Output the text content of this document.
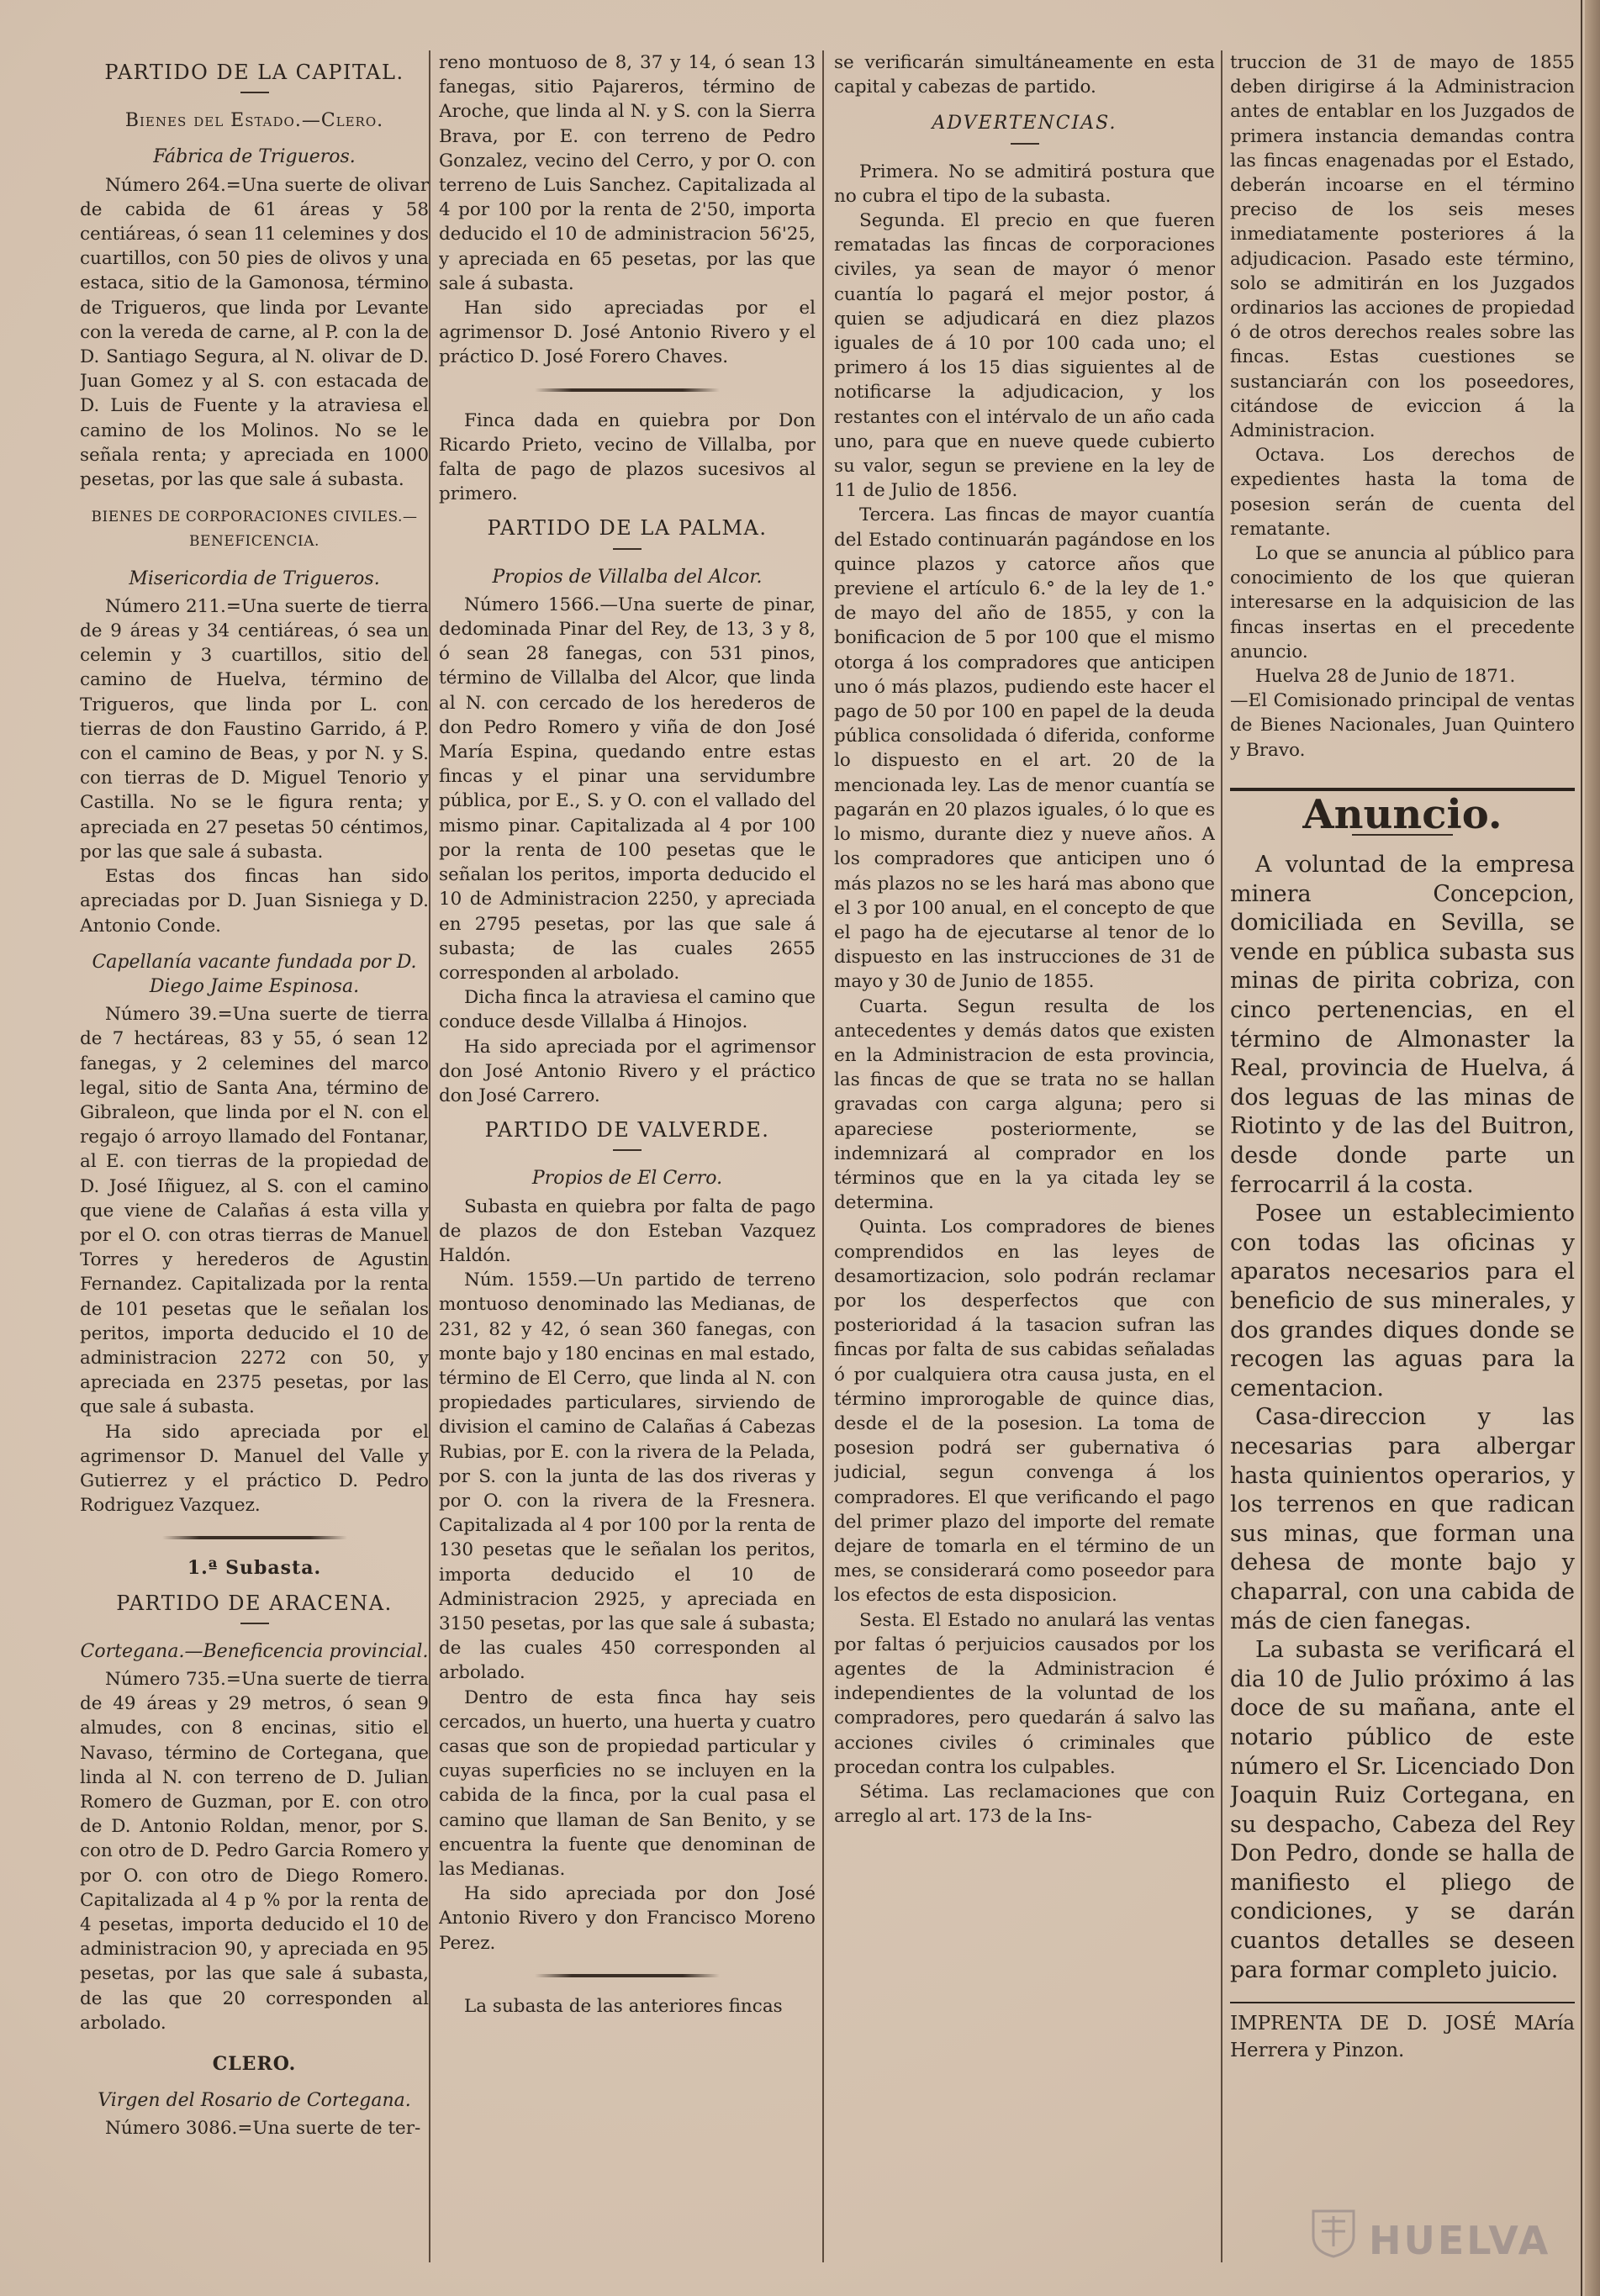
PARTIDO DE LA CAPITAL.

Bienes del Estado.—Clero.

Fábrica de Trigueros.

Número 264.=Una suerte de olivar de cabida de 61 áreas y 58 centiáreas, ó sean 11 celemines y dos cuartillos, con 50 pies de olivos y una estaca, sitio de la Gamonosa, término de Trigueros, que linda por Levante con la vereda de carne, al P. con la de D. Santiago Segura, al N. olivar de D. Juan Gomez y al S. con estacada de D. Luis de Fuente y la atraviesa el camino de los Molinos. No se le señala renta; y apreciada en 1000 pesetas, por las que sale á subasta.

BIENES DE CORPORACIONES CIVILES.—BENEFICENCIA.

Misericordia de Trigueros.

Número 211.=Una suerte de tierra de 9 áreas y 34 centiáreas, ó sea un celemin y 3 cuartillos, sitio del camino de Huelva, término de Trigueros, que linda por L. con tierras de don Faustino Garrido, á P. con el camino de Beas, y por N. y S. con tierras de D. Miguel Tenorio y Castilla. No se le figura renta; y apreciada en 27 pesetas 50 céntimos, por las que sale á subasta.

Estas dos fincas han sido apreciadas por D. Juan Sisniega y D. Antonio Conde.

Capellanía vacante fundada por D. Diego Jaime Espinosa.

Número 39.=Una suerte de tierra de 7 hectáreas, 83 y 55, ó sean 12 fanegas, y 2 celemines del marco legal, sitio de Santa Ana, término de Gibraleon, que linda por el N. con el regajo ó arroyo llamado del Fontanar, al E. con tierras de la propiedad de D. José Iñiguez, al S. con el camino que viene de Calañas á esta villa y por el O. con otras tierras de Manuel Torres y herederos de Agustin Fernandez. Capitalizada por la renta de 101 pesetas que le señalan los peritos, importa deducido el 10 de administracion 2272 con 50, y apreciada en 2375 pesetas, por las que sale á subasta.

Ha sido apreciada por el agrimensor D. Manuel del Valle y Gutierrez y el práctico D. Pedro Rodriguez Vazquez.

1.ª Subasta.

PARTIDO DE ARACENA.

Cortegana.—Beneficencia provincial.

Número 735.=Una suerte de tierra de 49 áreas y 29 metros, ó sean 9 almudes, con 8 encinas, sitio el Navaso, término de Cortegana, que linda al N. con terreno de D. Julian Romero de Guzman, por E. con otro de D. Antonio Roldan, menor, por S. con otro de D. Pedro Garcia Romero y por O. con otro de Diego Romero. Capitalizada al 4 p % por la renta de 4 pesetas, importa deducido el 10 de administracion 90, y apreciada en 95 pesetas, por las que sale á subasta, de las que 20 corresponden al arbolado.

CLERO.

Virgen del Rosario de Cortegana.

Número 3086.=Una suerte de ter-

reno montuoso de 8, 37 y 14, ó sean 13 fanegas, sitio Pajareros, término de Aroche, que linda al N. y S. con la Sierra Brava, por E. con terreno de Pedro Gonzalez, vecino del Cerro, y por O. con terreno de Luis Sanchez. Capitalizada al 4 por 100 por la renta de 2'50, importa deducido el 10 de administracion 56'25, y apreciada en 65 pesetas, por las que sale á subasta.

Han sido apreciadas por el agrimensor D. José Antonio Rivero y el práctico D. José Forero Chaves.

Finca dada en quiebra por Don Ricardo Prieto, vecino de Villalba, por falta de pago de plazos sucesivos al primero.

PARTIDO DE LA PALMA.

Propios de Villalba del Alcor.

Número 1566.—Una suerte de pinar, dedominada Pinar del Rey, de 13, 3 y 8, ó sean 28 fanegas, con 531 pinos, término de Villalba del Alcor, que linda al N. con cercado de los herederos de don Pedro Romero y viña de don José María Espina, quedando entre estas fincas y el pinar una servidumbre pública, por E., S. y O. con el vallado del mismo pinar. Capitalizada al 4 por 100 por la renta de 100 pesetas que le señalan los peritos, importa deducido el 10 de Administracion 2250, y apreciada en 2795 pesetas, por las que sale á subasta; de las cuales 2655 corresponden al arbolado.

Dicha finca la atraviesa el camino que conduce desde Villalba á Hinojos.

Ha sido apreciada por el agrimensor don José Antonio Rivero y el práctico don José Carrero.

PARTIDO DE VALVERDE.

Propios de El Cerro.

Subasta en quiebra por falta de pago de plazos de don Esteban Vazquez Haldón.

Núm. 1559.—Un partido de terreno montuoso denominado las Medianas, de 231, 82 y 42, ó sean 360 fanegas, con monte bajo y 180 encinas en mal estado, término de El Cerro, que linda al N. con propiedades particulares, sirviendo de division el camino de Calañas á Cabezas Rubias, por E. con la rivera de la Pelada, por S. con la junta de las dos riveras y por O. con la rivera de la Fresnera. Capitalizada al 4 por 100 por la renta de 130 pesetas que le señalan los peritos, importa deducido el 10 de Administracion 2925, y apreciada en 3150 pesetas, por las que sale á subasta; de las cuales 450 corresponden al arbolado.

Dentro de esta finca hay seis cercados, un huerto, una huerta y cuatro casas que son de propiedad particular y cuyas superficies no se incluyen en la cabida de la finca, por la cual pasa el camino que llaman de San Benito, y se encuentra la fuente que denominan de las Medianas.

Ha sido apreciada por don José Antonio Rivero y don Francisco Moreno Perez.

La subasta de las anteriores fincas

se verificarán simultáneamente en esta capital y cabezas de partido.

ADVERTENCIAS.

Primera. No se admitirá postura que no cubra el tipo de la subasta.

Segunda. El precio en que fueren rematadas las fincas de corporaciones civiles, ya sean de mayor ó menor cuantía lo pagará el mejor postor, á quien se adjudicará en diez plazos iguales de á 10 por 100 cada uno; el primero á los 15 dias siguientes al de notificarse la adjudicacion, y los restantes con el intérvalo de un año cada uno, para que en nueve quede cubierto su valor, segun se previene en la ley de 11 de Julio de 1856.

Tercera. Las fincas de mayor cuantía del Estado continuarán pagándose en los quince plazos y catorce años que previene el artículo 6.° de la ley de 1.° de mayo del año de 1855, y con la bonificacion de 5 por 100 que el mismo otorga á los compradores que anticipen uno ó más plazos, pudiendo este hacer el pago de 50 por 100 en papel de la deuda pública consolidada ó diferida, conforme lo dispuesto en el art. 20 de la mencionada ley. Las de menor cuantía se pagarán en 20 plazos iguales, ó lo que es lo mismo, durante diez y nueve años. A los compradores que anticipen uno ó más plazos no se les hará mas abono que el 3 por 100 anual, en el concepto de que el pago ha de ejecutarse al tenor de lo dispuesto en las instrucciones de 31 de mayo y 30 de Junio de 1855.

Cuarta. Segun resulta de los antecedentes y demás datos que existen en la Administracion de esta provincia, las fincas de que se trata no se hallan gravadas con carga alguna; pero si apareciese posteriormente, se indemnizará al comprador en los términos que en la ya citada ley se determina.

Quinta. Los compradores de bienes comprendidos en las leyes de desamortizacion, solo podrán reclamar por los desperfectos que con posterioridad á la tasacion sufran las fincas por falta de sus cabidas señaladas ó por cualquiera otra causa justa, en el término improrogable de quince dias, desde el de la posesion. La toma de posesion podrá ser gubernativa ó judicial, segun convenga á los compradores. El que verificando el pago del primer plazo del importe del remate dejare de tomarla en el término de un mes, se considerará como poseedor para los efectos de esta disposicion.

Sesta. El Estado no anulará las ventas por faltas ó perjuicios causados por los agentes de la Administracion é independientes de la voluntad de los compradores, pero quedarán á salvo las acciones civiles ó criminales que procedan contra los culpables.

Sétima. Las reclamaciones que con arreglo al art. 173 de la Ins-

truccion de 31 de mayo de 1855 deben dirigirse á la Administracion antes de entablar en los Juzgados de primera instancia demandas contra las fincas enagenadas por el Estado, deberán incoarse en el término preciso de los seis meses inmediatamente posteriores á la adjudicacion. Pasado este término, solo se admitirán en los Juzgados ordinarios las acciones de propiedad ó de otros derechos reales sobre las fincas. Estas cuestiones se sustanciarán con los poseedores, citándose de eviccion á la Administracion.

Octava. Los derechos de expedientes hasta la toma de posesion serán de cuenta del rematante.

Lo que se anuncia al público para conocimiento de los que quieran interesarse en la adquisicion de las fincas insertas en el precedente anuncio.

Huelva 28 de Junio de 1871.

—El Comisionado principal de ventas de Bienes Nacionales, Juan Quintero y Bravo.

Anuncio.

A voluntad de la empresa minera Concepcion, domiciliada en Sevilla, se vende en pública subasta sus minas de pirita cobriza, con cinco pertenencias, en el término de Almonaster la Real, provincia de Huelva, á dos leguas de las minas de Riotinto y de las del Buitron, desde donde parte un ferrocarril á la costa.

Posee un establecimiento con todas las oficinas y aparatos necesarios para el beneficio de sus minerales, y dos grandes diques donde se recogen las aguas para la cementacion.

Casa-direccion y las necesarias para albergar hasta quinientos operarios, y los terrenos en que radican sus minas, que forman una dehesa de monte bajo y chaparral, con una cabida de más de cien fanegas.

La subasta se verificará el dia 10 de Julio próximo á las doce de su mañana, ante el notario público de este número el Sr. Licenciado Don Joaquin Ruiz Cortegana, en su despacho, Cabeza del Rey Don Pedro, donde se halla de manifiesto el pliego de condiciones, y se darán cuantos detalles se deseen para formar completo juicio.

IMPRENTA DE D. JOSÉ MAría Herrera y Pinzon.

HUELVA
